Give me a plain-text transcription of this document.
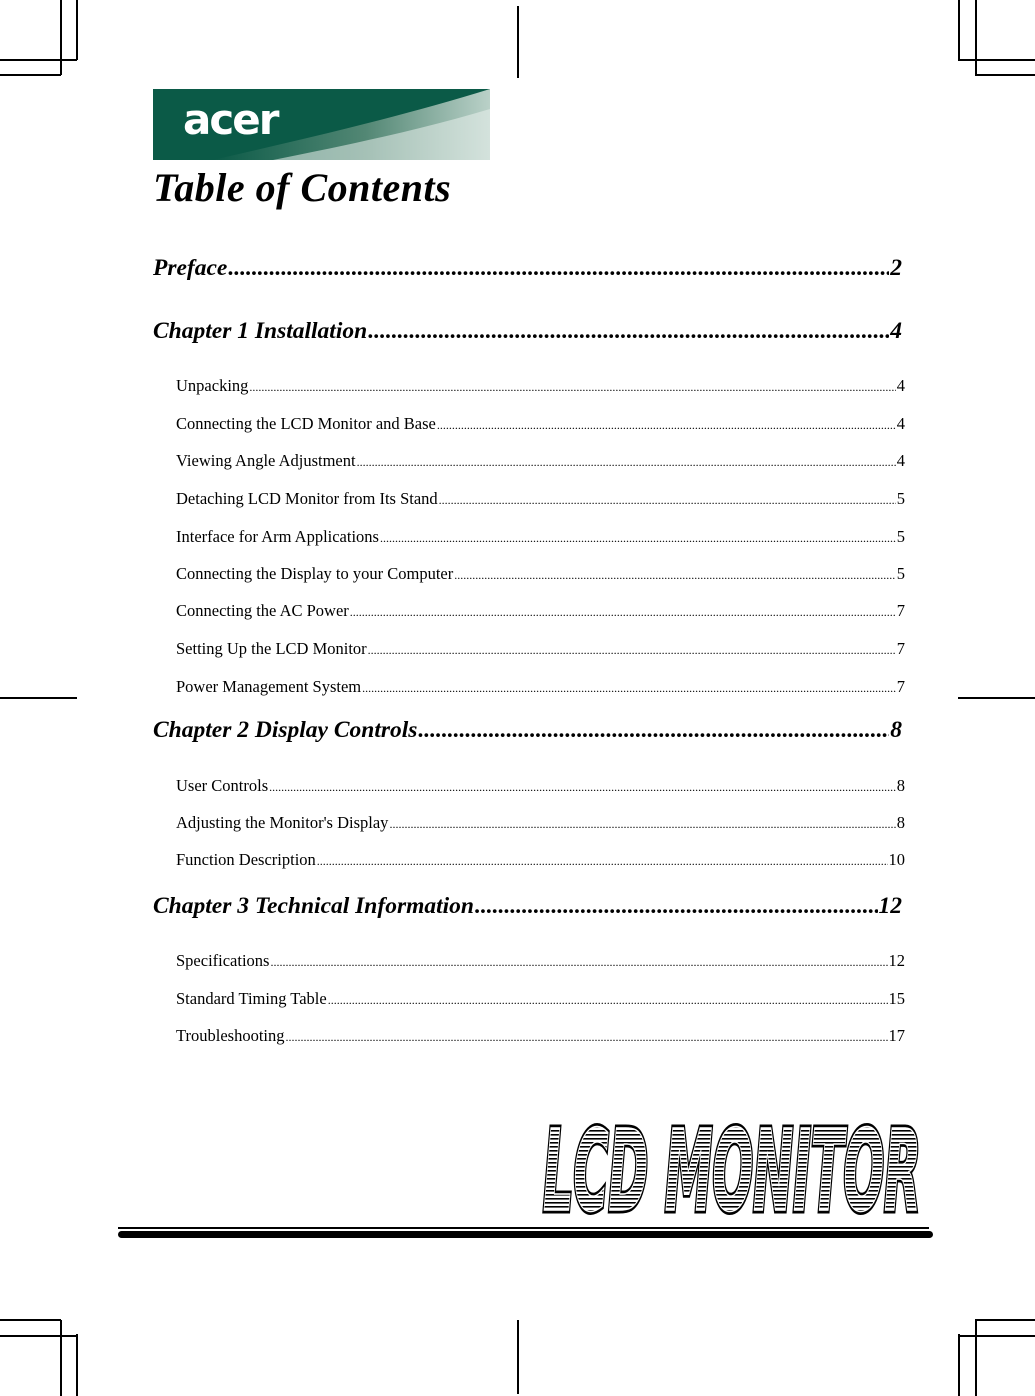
acer
Table of Contents
Preface .....	2
Chapter 1 Installation .....	4
Unpacking .....	4
Connecting the LCD Monitor and Base .....	4
Viewing Angle Adjustment .....	4
Detaching LCD Monitor from Its Stand .....	5
Interface for Arm Applications .....	5
Connecting the Display to your Computer .....	5
Connecting the AC Power .....	7
Setting Up the LCD Monitor .....	7
Power Management System .....	7
Chapter 2 Display Controls .....	8
User Controls .....	8
Adjusting the Monitor's Display .....	8
Function Description .....	10
Chapter 3 Technical Information .....	12
Specifications .....	12
Standard Timing Table .....	15
Troubleshooting .....	17
LCD MONITOR
LCD MONITOR
